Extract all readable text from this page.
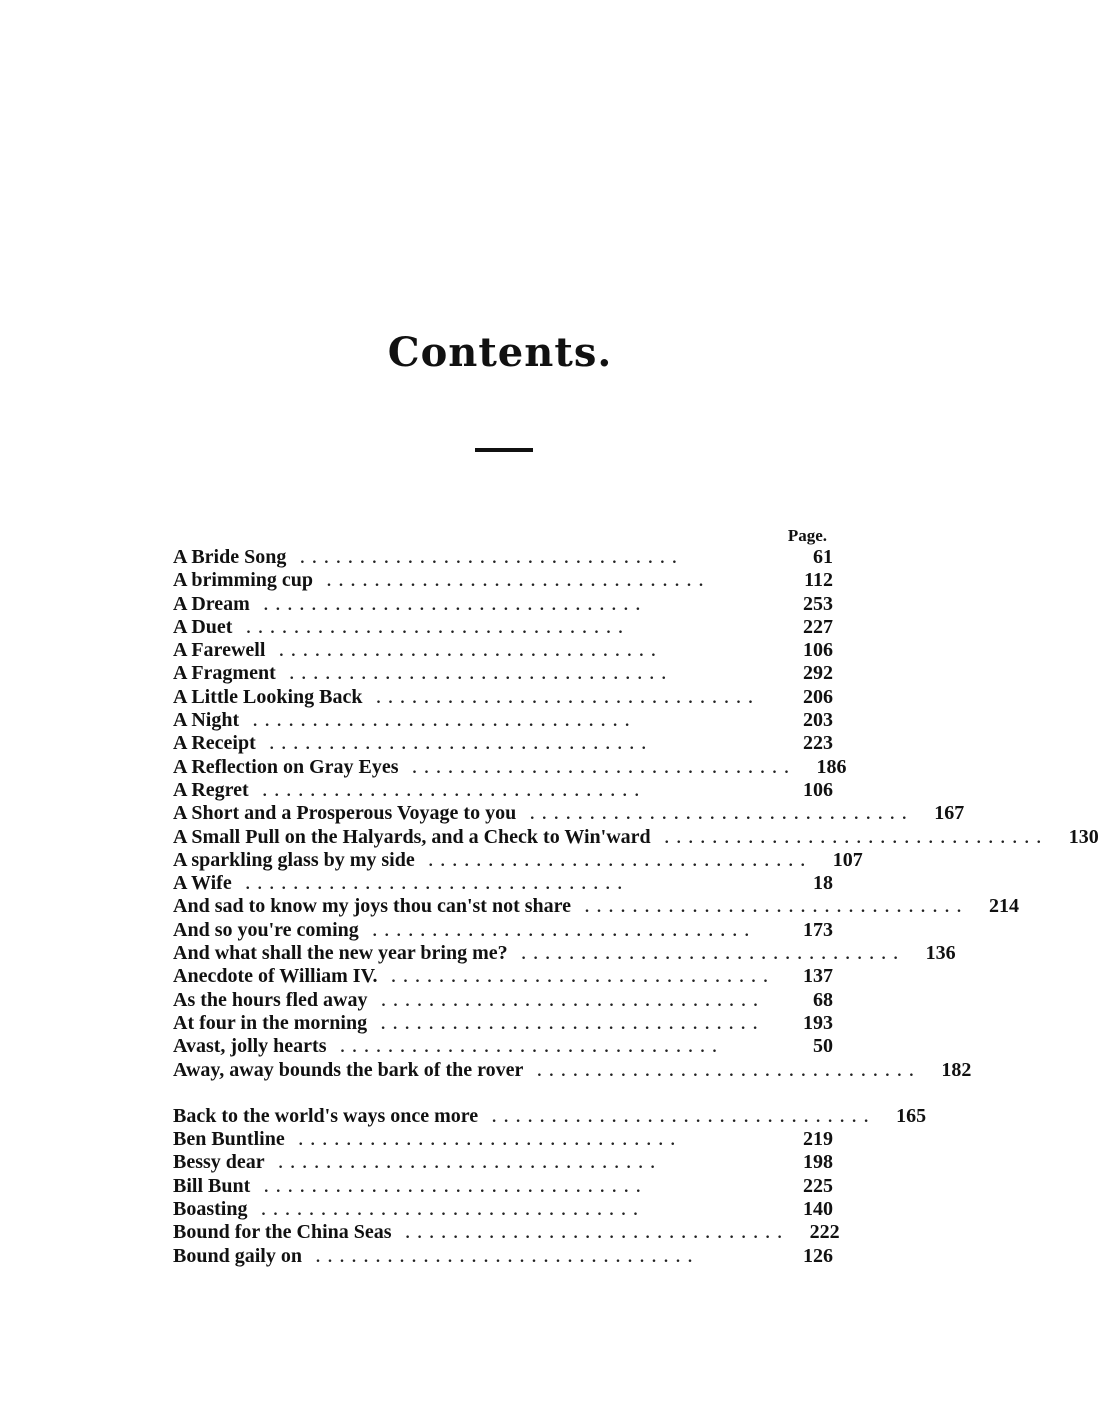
Contents.
Page.
A Bride Song . . . . . . . . . . . . . . . . . . . . . . . . . . . . . . . .	61
A brimming cup . . . . . . . . . . . . . . . . . . . . . . . . . . . . . . . .	112
A Dream . . . . . . . . . . . . . . . . . . . . . . . . . . . . . . . .	253
A Duet . . . . . . . . . . . . . . . . . . . . . . . . . . . . . . . .	227
A Farewell . . . . . . . . . . . . . . . . . . . . . . . . . . . . . . . .	106
A Fragment . . . . . . . . . . . . . . . . . . . . . . . . . . . . . . . .	292
A Little Looking Back . . . . . . . . . . . . . . . . . . . . . . . . . . . . . . . .	206
A Night . . . . . . . . . . . . . . . . . . . . . . . . . . . . . . . .	203
A Receipt . . . . . . . . . . . . . . . . . . . . . . . . . . . . . . . .	223
A Reflection on Gray Eyes . . . . . . . . . . . . . . . . . . . . . . . . . . . . . . . .	186
A Regret . . . . . . . . . . . . . . . . . . . . . . . . . . . . . . . .	106
A Short and a Prosperous Voyage to you . . . . . . . . . . . . . . . . . . . . . . . . . . . . . . . .	167
A Small Pull on the Halyards, and a Check to Win'ward . . . . . . . . . . . . . . . . . . . . . . . . . . . . . . . .	130
A sparkling glass by my side . . . . . . . . . . . . . . . . . . . . . . . . . . . . . . . .	107
A Wife . . . . . . . . . . . . . . . . . . . . . . . . . . . . . . . .	18
And sad to know my joys thou can'st not share . . . . . . . . . . . . . . . . . . . . . . . . . . . . . . . .	214
And so you're coming . . . . . . . . . . . . . . . . . . . . . . . . . . . . . . . .	173
And what shall the new year bring me? . . . . . . . . . . . . . . . . . . . . . . . . . . . . . . . .	136
Anecdote of William IV. . . . . . . . . . . . . . . . . . . . . . . . . . . . . . . . .	137
As the hours fled away . . . . . . . . . . . . . . . . . . . . . . . . . . . . . . . .	68
At four in the morning . . . . . . . . . . . . . . . . . . . . . . . . . . . . . . . .	193
Avast, jolly hearts . . . . . . . . . . . . . . . . . . . . . . . . . . . . . . . .	50
Away, away bounds the bark of the rover . . . . . . . . . . . . . . . . . . . . . . . . . . . . . . . .	182
Back to the world's ways once more . . . . . . . . . . . . . . . . . . . . . . . . . . . . . . . .	165
Ben Buntline . . . . . . . . . . . . . . . . . . . . . . . . . . . . . . . .	219
Bessy dear . . . . . . . . . . . . . . . . . . . . . . . . . . . . . . . .	198
Bill Bunt . . . . . . . . . . . . . . . . . . . . . . . . . . . . . . . .	225
Boasting . . . . . . . . . . . . . . . . . . . . . . . . . . . . . . . .	140
Bound for the China Seas . . . . . . . . . . . . . . . . . . . . . . . . . . . . . . . .	222
Bound gaily on . . . . . . . . . . . . . . . . . . . . . . . . . . . . . . . .	126
